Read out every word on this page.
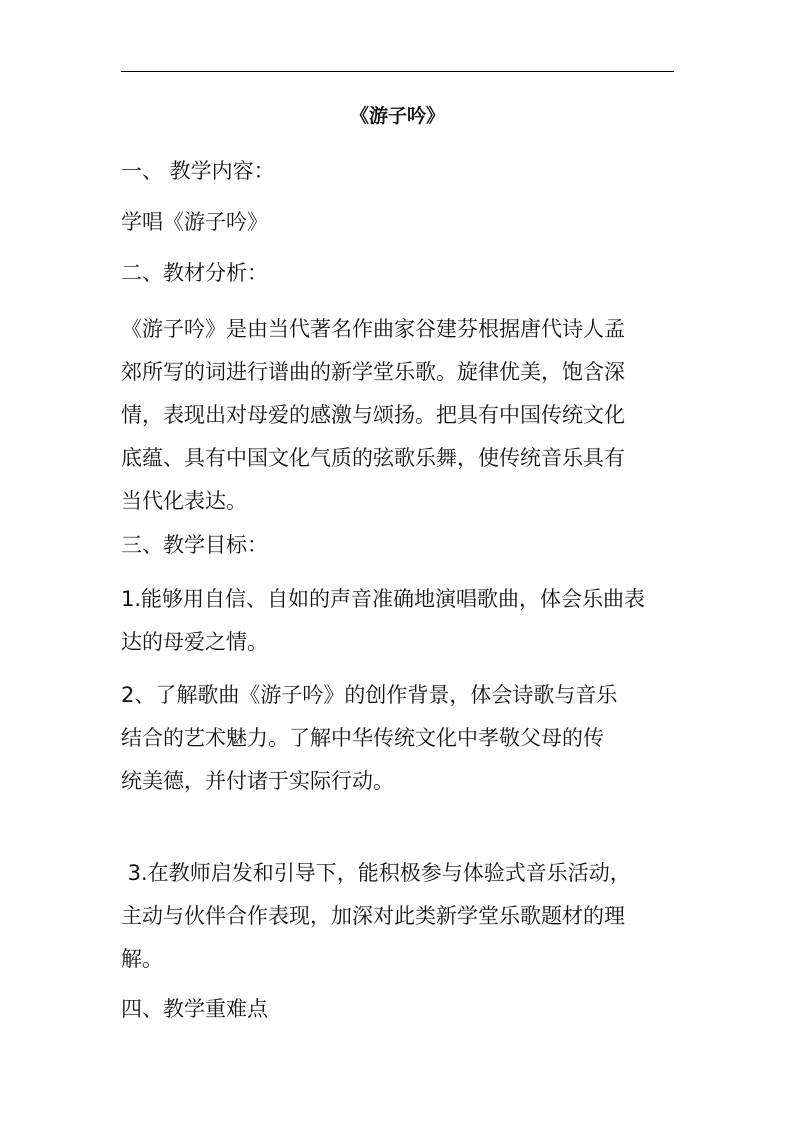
《游子吟》
一、 教学内容：
学唱《游子吟》
二、教材分析：
《游子吟》是由当代著名作曲家谷建芬根据唐代诗人孟
郊所写的词进行谱曲的新学堂乐歌。旋律优美，饱含深
情，表现出对母爱的感激与颂扬。把具有中国传统文化
底蕴、具有中国文化气质的弦歌乐舞，使传统音乐具有
当代化表达。
三、教学目标：
1.能够用自信、自如的声音准确地演唱歌曲，体会乐曲表
达的母爱之情。
2、了解歌曲《游子吟》的创作背景，体会诗歌与音乐
结合的艺术魅力。了解中华传统文化中孝敬父母的传
统美德，并付诸于实际行动。
3.在教师启发和引导下，能积极参与体验式音乐活动，
主动与伙伴合作表现，加深对此类新学堂乐歌题材的理
解。
四、教学重难点
